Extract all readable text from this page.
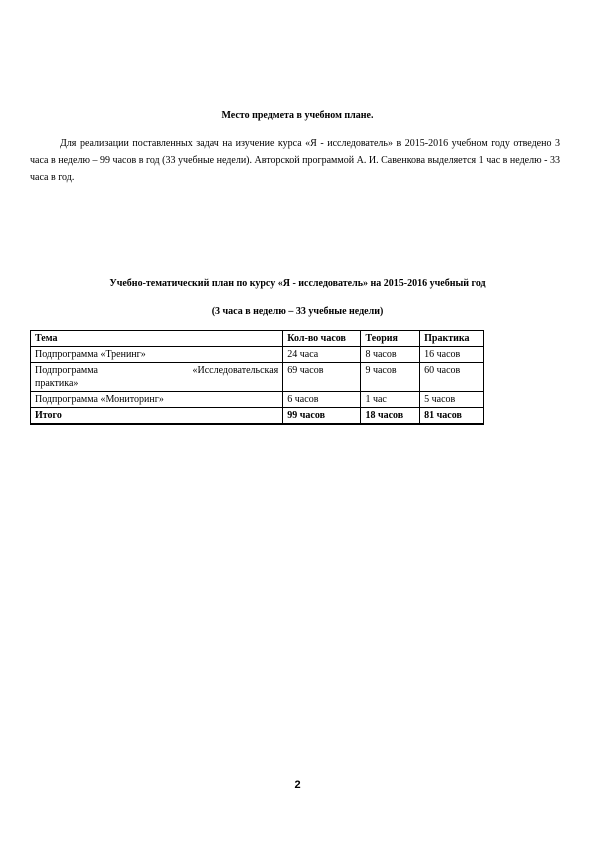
Место предмета в учебном плане.
Для реализации поставленных задач на изучение курса «Я - исследователь» в 2015-2016 учебном году отведено 3 часа в неделю – 99 часов в год (33 учебные недели). Авторской программой А. И. Савенкова выделяется 1 час в неделю - 33 часа в год.
Учебно-тематический план по курсу «Я - исследователь» на 2015-2016 учебный год
(3 часа в неделю – 33 учебные недели)
Тема	Кол-во часов	Теория	Практика
Подпрограмма «Тренинг»	24 часа	8 часов	16 часов

Подпрограмма «Исследовательская
практика»	69 часов	9 часов	60 часов
Подпрограмма «Мониторинг»	6 часов	1 час	5 часов
Итого	99 часов	18 часов	81 часов
2
